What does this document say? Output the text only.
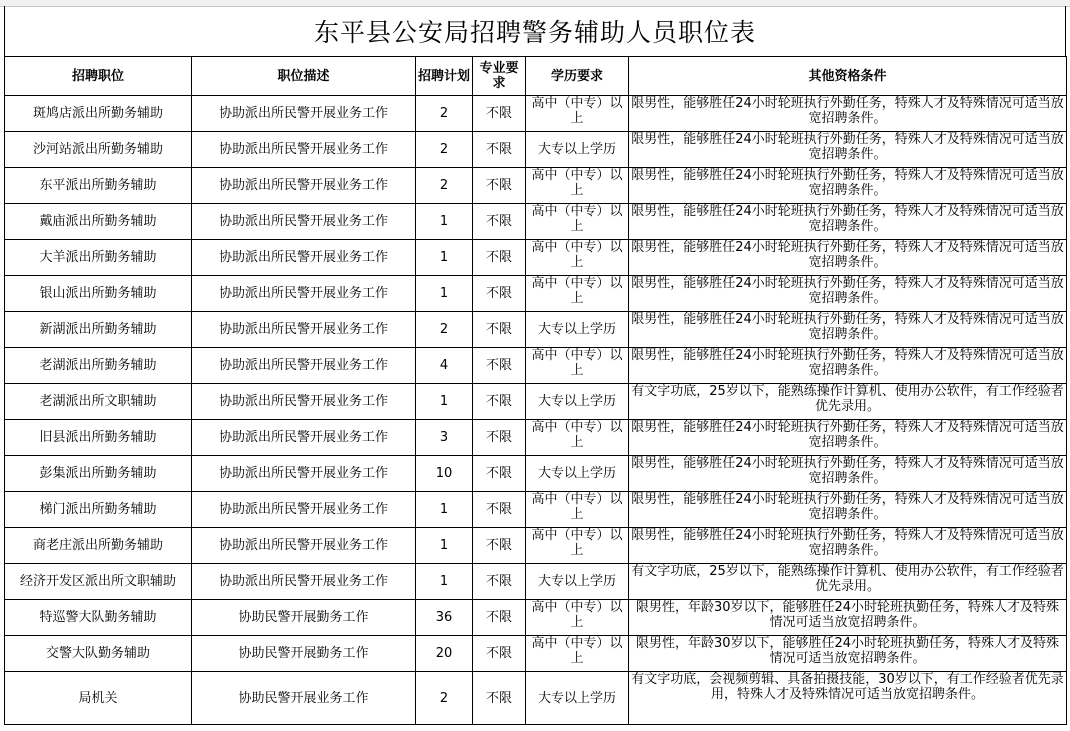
东平县公安局招聘警务辅助人员职位表
招聘职位	职位描述	招聘计划	专业要求	学历要求	其他资格条件
斑鸠店派出所勤务辅助	协助派出所民警开展业务工作	2	不限	高中（中专）以上	限男性，能够胜任24小时轮班执行外勤任务，特殊人才及特殊情况可适当放宽招聘条件。
沙河站派出所勤务辅助	协助派出所民警开展业务工作	2	不限	大专以上学历	限男性，能够胜任24小时轮班执行外勤任务，特殊人才及特殊情况可适当放宽招聘条件。
东平派出所勤务辅助	协助派出所民警开展业务工作	2	不限	高中（中专）以上	限男性，能够胜任24小时轮班执行外勤任务，特殊人才及特殊情况可适当放宽招聘条件。
戴庙派出所勤务辅助	协助派出所民警开展业务工作	1	不限	高中（中专）以上	限男性，能够胜任24小时轮班执行外勤任务，特殊人才及特殊情况可适当放宽招聘条件。
大羊派出所勤务辅助	协助派出所民警开展业务工作	1	不限	高中（中专）以上	限男性，能够胜任24小时轮班执行外勤任务，特殊人才及特殊情况可适当放宽招聘条件。
银山派出所勤务辅助	协助派出所民警开展业务工作	1	不限	高中（中专）以上	限男性，能够胜任24小时轮班执行外勤任务，特殊人才及特殊情况可适当放宽招聘条件。
新湖派出所勤务辅助	协助派出所民警开展业务工作	2	不限	大专以上学历	限男性，能够胜任24小时轮班执行外勤任务，特殊人才及特殊情况可适当放宽招聘条件。
老湖派出所勤务辅助	协助派出所民警开展业务工作	4	不限	高中（中专）以上	限男性，能够胜任24小时轮班执行外勤任务，特殊人才及特殊情况可适当放宽招聘条件。
老湖派出所文职辅助	协助派出所民警开展业务工作	1	不限	大专以上学历	有文字功底，25岁以下，能熟练操作计算机、使用办公软件，有工作经验者优先录用。
旧县派出所勤务辅助	协助派出所民警开展业务工作	3	不限	高中（中专）以上	限男性，能够胜任24小时轮班执行外勤任务，特殊人才及特殊情况可适当放宽招聘条件。
彭集派出所勤务辅助	协助派出所民警开展业务工作	10	不限	大专以上学历	限男性，能够胜任24小时轮班执行外勤任务，特殊人才及特殊情况可适当放宽招聘条件。
梯门派出所勤务辅助	协助派出所民警开展业务工作	1	不限	高中（中专）以上	限男性，能够胜任24小时轮班执行外勤任务，特殊人才及特殊情况可适当放宽招聘条件。
商老庄派出所勤务辅助	协助派出所民警开展业务工作	1	不限	高中（中专）以上	限男性，能够胜任24小时轮班执行外勤任务，特殊人才及特殊情况可适当放宽招聘条件。
经济开发区派出所文职辅助	协助派出所民警开展业务工作	1	不限	大专以上学历	有文字功底，25岁以下，能熟练操作计算机、使用办公软件，有工作经验者优先录用。
特巡警大队勤务辅助	协助民警开展勤务工作	36	不限	高中（中专）以上	限男性，年龄30岁以下，能够胜任24小时轮班执勤任务，特殊人才及特殊情况可适当放宽招聘条件。
交警大队勤务辅助	协助民警开展勤务工作	20	不限	高中（中专）以上	限男性，年龄30岁以下，能够胜任24小时轮班执勤任务，特殊人才及特殊情况可适当放宽招聘条件。
局机关	协助民警开展业务工作	2	不限	大专以上学历	有文字功底，会视频剪辑、具备拍摄技能，30岁以下，有工作经验者优先录用，特殊人才及特殊情况可适当放宽招聘条件。
